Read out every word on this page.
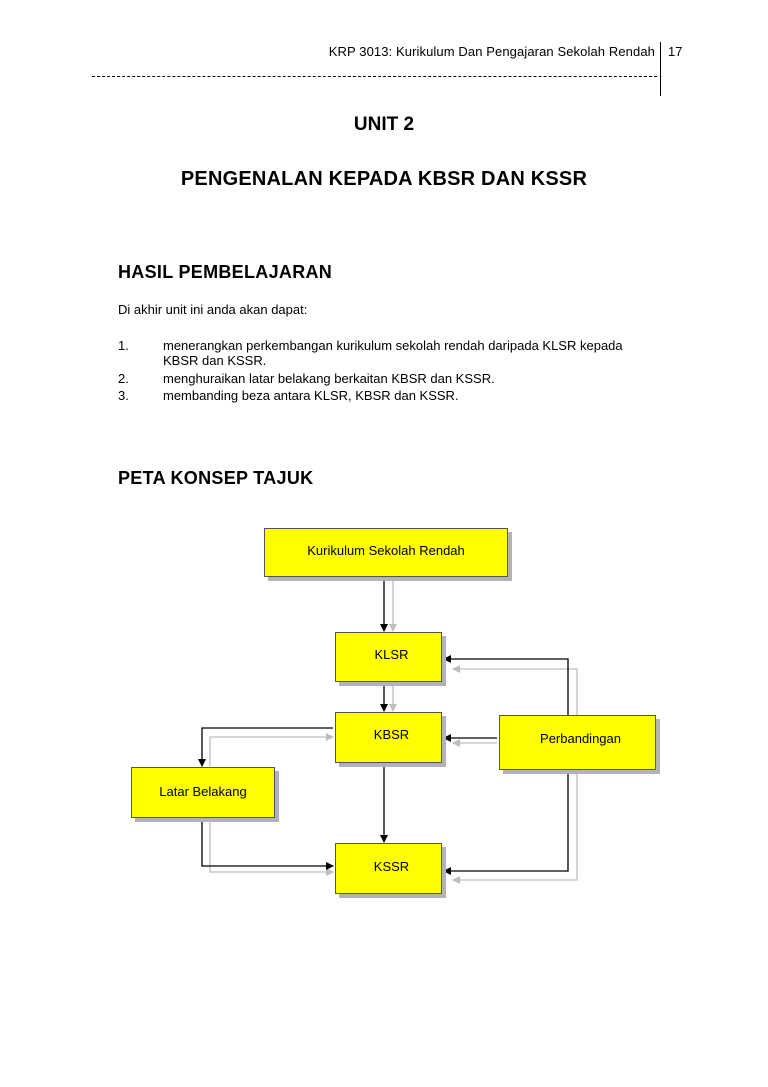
KRP 3013: Kurikulum Dan Pengajaran Sekolah Rendah 17
UNIT 2
PENGENALAN KEPADA KBSR DAN KSSR
HASIL PEMBELAJARAN
Di akhir unit ini anda akan dapat:
1.	menerangkan perkembangan kurikulum sekolah rendah daripada KLSR kepada
KBSR dan KSSR.
2.	menghuraikan latar belakang berkaitan KBSR dan KSSR.
3.	membanding beza antara KLSR, KBSR dan KSSR.
PETA KONSEP TAJUK
Kurikulum Sekolah Rendah
KLSR
KBSR
KSSR
Latar Belakang
Perbandingan
